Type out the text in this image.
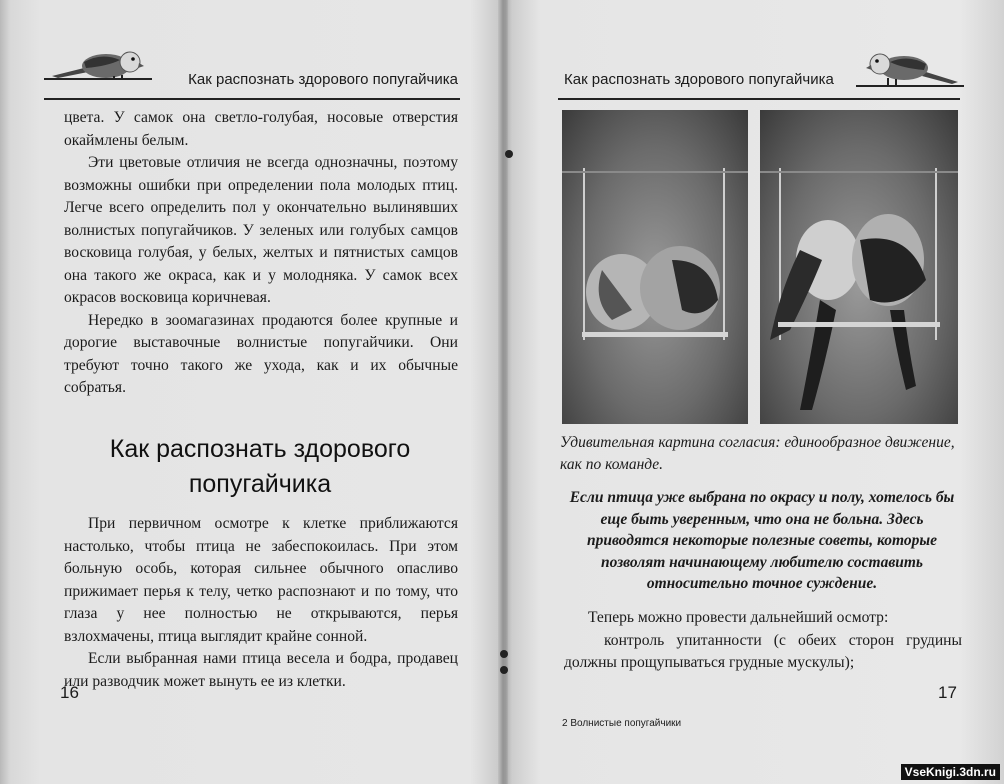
Как распознать здорового попугайчика

цвета. У самок она светло-голубая, носовые отверстия окаймлены белым.

Эти цветовые отличия не всегда однозначны, поэтому возможны ошибки при определении пола молодых птиц. Легче всего определить пол у окончательно вылинявших волнистых попугайчиков. У зеленых или голубых самцов восковица голубая, у белых, желтых и пятнистых самцов она такого же окраса, как и у молодняка. У самок всех окрасов восковица коричневая.

Нередко в зоомагазинах продаются более крупные и дорогие выставочные волнистые попугайчики. Они требуют точно такого же ухода, как и их обычные собратья.

Как распознать здорового
попугайчика

При первичном осмотре к клетке приближаются настолько, чтобы птица не забеспокоилась. При этом больную особь, которая сильнее обычного опасливо прижимает перья к телу, четко распознают и по тому, что глаза у нее полностью не открываются, перья взлохмачены, птица выглядит крайне сонной.

Если выбранная нами птица весела и бодра, продавец или разводчик может вынуть ее из клетки.

16
Как распознать здорового попугайчика
Удивительная картина согласия: единообразное движение, как по команде.
Если птица уже выбрана по окрасу и полу, хотелось бы еще быть уверенным, что она не больна. Здесь приводятся некоторые полезные советы, которые позволят начинающему любителю составить относительно точное суждение.

Теперь можно провести дальнейший осмотр:

контроль упитанности (с обеих сторон грудины должны прощупываться грудные мускулы);

17
2 Волнистые попугайчики
VseKnigi.3dn.ru
